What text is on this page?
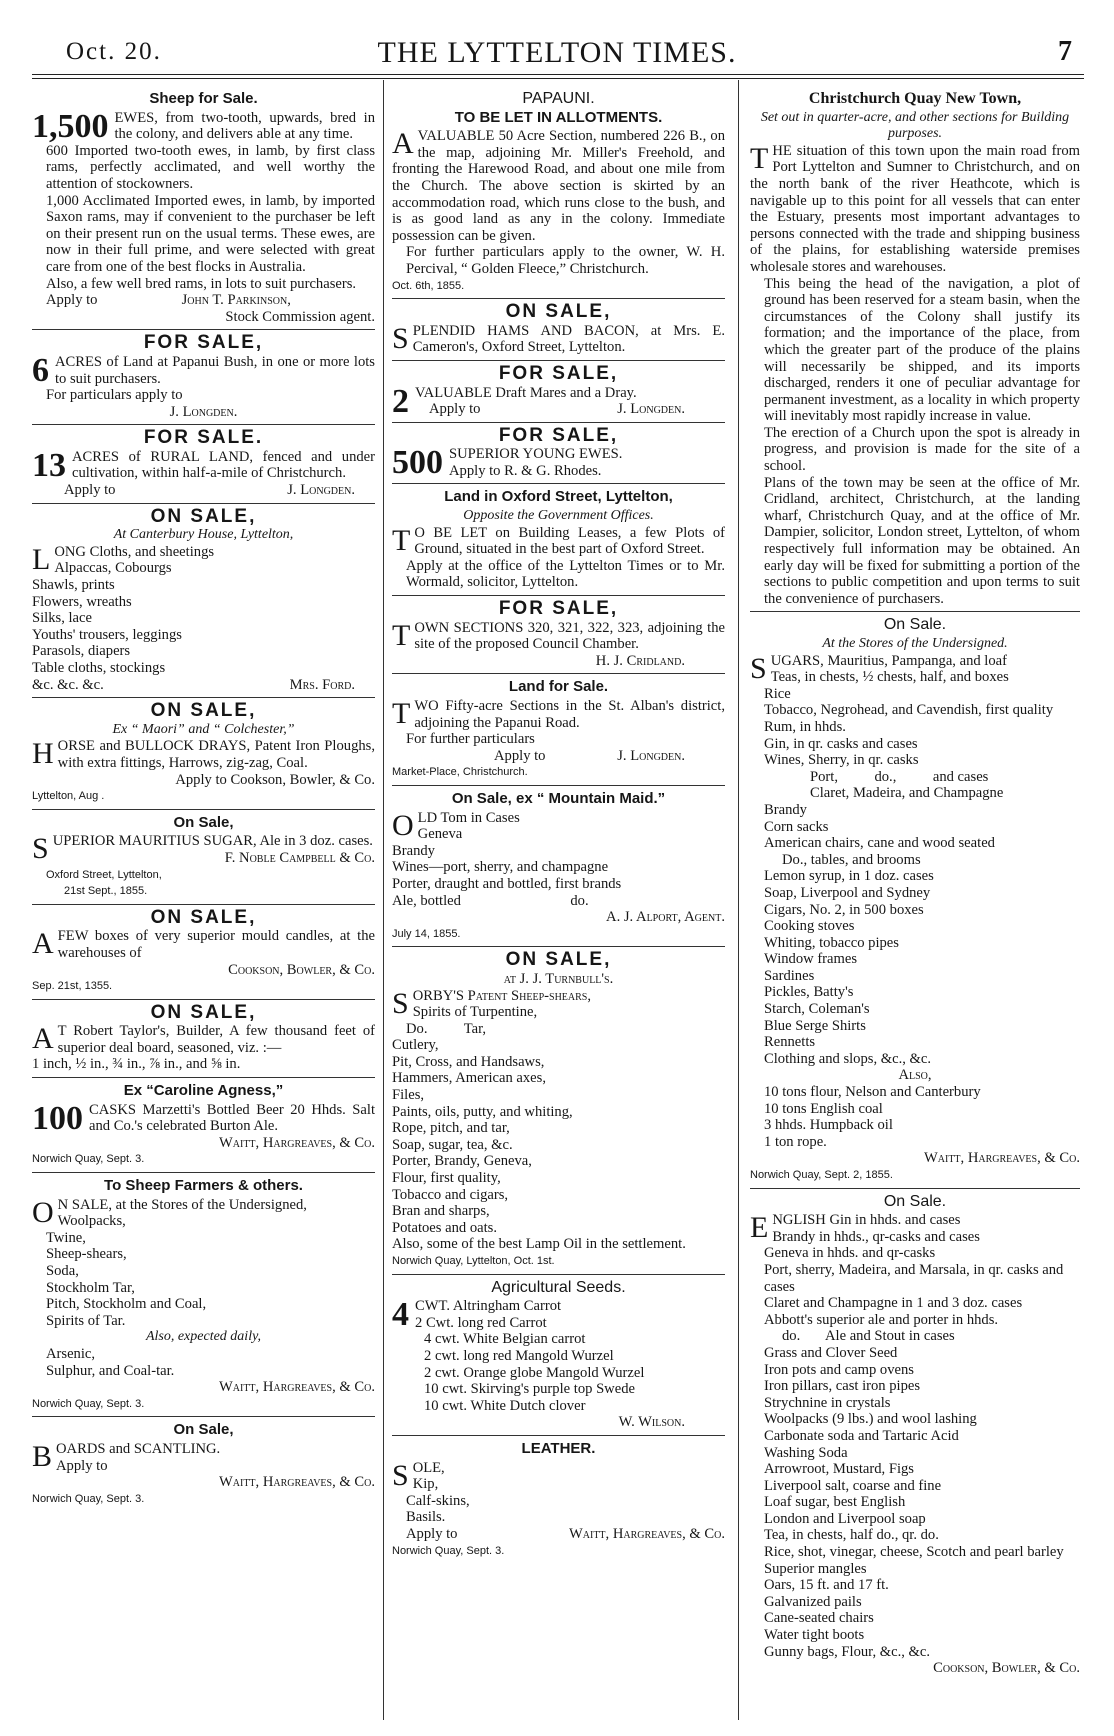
Oct. 20.	THE LYTTELTON TIMES.	7
Sheep for Sale.
1,500 EWES, from two-tooth, upwards, bred in the colony, and delivers able at any time.
600 Imported two-tooth ewes, in lamb, by first class rams, perfectly acclimated, and well worthy the attention of stockowners.
1,000 Acclimated Imported ewes, in lamb, by imported Saxon rams, may if convenient to the purchaser be left on their present run on the usual terms. These ewes, are now in their full prime, and were selected with great care from one of the best flocks in Australia.
Also, a few well bred rams, in lots to suit purchasers.
Apply to	John T. Parkinson,
Stock Commission agent.
FOR SALE,
6 ACRES of Land at Papanui Bush, in one or more lots to suit purchasers.
For particulars apply to
J. Longden.
FOR SALE.
13 ACRES of RURAL LAND, fenced and under cultivation, within half-a-mile of Christchurch.
Apply to	J. Longden.
ON SALE,
At Canterbury House, Lyttelton,
LONG Cloths, and sheetings
Alpaccas, Cobourgs
Shawls, prints
Flowers, wreaths
Silks, lace
Youths' trousers, leggings
Parasols, diapers
Table cloths, stockings
&c. &c. &c.	Mrs. Ford.
ON SALE,
Ex “ Maori” and “ Colchester,”
HORSE and BULLOCK DRAYS, Patent Iron Ploughs, with extra fittings, Harrows, zig-zag, Coal.
Apply to Cookson, Bowler, & Co.
Lyttelton, Aug .
On Sale,
SUPERIOR MAURITIUS SUGAR, Ale in 3 doz. cases.
F. Noble Campbell & Co.
Oxford Street, Lyttelton,
21st Sept., 1855.
ON SALE,
AFEW boxes of very superior mould candles, at the warehouses of
Cookson, Bowler, & Co.
Sep. 21st, 1355.
ON SALE,
A T Robert Taylor's, Builder, A few thousand feet of superior deal board, seasoned, viz. :—
1 inch, ½ in., ¾ in., ⅞ in., and ⅝ in.
Ex “Caroline Agness,”
100 CASKS Marzetti's Bottled Beer 20 Hhds. Salt and Co.'s celebrated Burton Ale.
Waitt, Hargreaves, & Co.
Norwich Quay, Sept. 3.
To Sheep Farmers & others.
O N SALE, at the Stores of the Undersigned,
Woolpacks,
Twine,
Sheep-shears,
Soda,
Stockholm Tar,
Pitch, Stockholm and Coal,
Spirits of Tar.
Also, expected daily,
Arsenic,
Sulphur, and Coal-tar.
Waitt, Hargreaves, & Co.
Norwich Quay, Sept. 3.
On Sale,
BOARDS and SCANTLING.
Apply to
Waitt, Hargreaves, & Co.
Norwich Quay, Sept. 3.
PAPAUNI.
TO BE LET IN ALLOTMENTS.
AVALUABLE 50 Acre Section, numbered 226 B., on the map, adjoining Mr. Miller's Freehold, and fronting the Harewood Road, and about one mile from the Church. The above section is skirted by an accommodation road, which runs close to the bush, and is as good land as any in the colony. Immediate possession can be given.
For further particulars apply to the owner, W. H. Percival, “ Golden Fleece,” Christchurch.
Oct. 6th, 1855.
ON SALE,
SPLENDID HAMS AND BACON, at Mrs. E. Cameron's, Oxford Street, Lyttelton.
FOR SALE,
2 VALUABLE Draft Mares and a Dray.
Apply to	J. Longden.
FOR SALE,
500 SUPERIOR YOUNG EWES.
Apply to R. & G. Rhodes.
Land in Oxford Street, Lyttelton,
Opposite the Government Offices.
T O BE LET on Building Leases, a few Plots of Ground, situated in the best part of Oxford Street.
Apply at the office of the Lyttelton Times or to Mr. Wormald, solicitor, Lyttelton.
FOR SALE,
TOWN SECTIONS 320, 321, 322, 323, adjoining the site of the proposed Council Chamber.
H. J. Cridland.
Land for Sale.
TWO Fifty-acre Sections in the St. Alban's district, adjoining the Papanui Road.
For further particulars
Apply to	J. Longden.
Market-Place, Christchurch.
On Sale, ex “ Mountain Maid.”
OLD Tom in Cases
Geneva
Brandy
Wines—port, sherry, and champagne
Porter, draught and bottled, first brands
Ale, bottled                              do.
A. J. Alport, Agent.
July 14, 1855.
ON SALE,
at J. J. Turnbull's.
SORBY'S Patent Sheep-shears,
Spirits of Turpentine,
Do.          Tar,
Cutlery,
Pit, Cross, and Handsaws,
Hammers, American axes,
Files,
Paints, oils, putty, and whiting,
Rope, pitch, and tar,
Soap, sugar, tea, &c.
Porter, Brandy, Geneva,
Flour, first quality,
Tobacco and cigars,
Bran and sharps,
Potatoes and oats.
Also, some of the best Lamp Oil in the settlement.
Norwich Quay, Lyttelton, Oct. 1st.
Agricultural Seeds.
4 CWT. Altringham Carrot
2 Cwt. long red Carrot
4 cwt. White Belgian carrot
2 cwt. long red Mangold Wurzel
2 cwt. Orange globe Mangold Wurzel
10 cwt. Skirving's purple top Swede
10 cwt. White Dutch clover
W. Wilson.
LEATHER.
SOLE,
Kip,
Calf-skins,
Basils.
Apply to	Waitt, Hargreaves, & Co.
Norwich Quay, Sept. 3.
Christchurch Quay New Town,
Set out in quarter-acre, and other sections for Building purposes.
THE situation of this town upon the main road from Port Lyttelton and Sumner to Christchurch, and on the north bank of the river Heathcote, which is navigable up to this point for all vessels that can enter the Estuary, presents most important advantages to persons connected with the trade and shipping business of the plains, for establishing waterside premises wholesale stores and warehouses.
This being the head of the navigation, a plot of ground has been reserved for a steam basin, when the circumstances of the Colony shall justify its formation; and the importance of the place, from which the greater part of the produce of the plains will necessarily be shipped, and its imports discharged, renders it one of peculiar advantage for permanent investment, as a locality in which property will inevitably most rapidly increase in value.
The erection of a Church upon the spot is already in progress, and provision is made for the site of a school.
Plans of the town may be seen at the office of Mr. Cridland, architect, Christchurch, at the landing wharf, Christchurch Quay, and at the office of Mr. Dampier, solicitor, London street, Lyttelton, of whom respectively full information may be obtained. An early day will be fixed for submitting a portion of the sections to public competition and upon terms to suit the convenience of purchasers.
On Sale.
At the Stores of the Undersigned.
SUGARS, Mauritius, Pampanga, and loaf
Teas, in chests, ½ chests, half, and boxes
Rice
Tobacco, Negrohead, and Cavendish, first quality
Rum, in hhds.
Gin, in qr. casks and cases
Wines, Sherry, in qr. casks
Port,          do.,          and cases
Claret, Madeira, and Champagne
Brandy
Corn sacks
American chairs, cane and wood seated
Do., tables, and brooms
Lemon syrup, in 1 doz. cases
Soap, Liverpool and Sydney
Cigars, No. 2, in 500 boxes
Cooking stoves
Whiting, tobacco pipes
Window frames
Sardines
Pickles, Batty's
Starch, Coleman's
Blue Serge Shirts
Rennetts
Clothing and slops, &c., &c.
Also,
10 tons flour, Nelson and Canterbury
10 tons English coal
3 hhds. Humpback oil
1 ton rope.
Waitt, Hargreaves, & Co.
Norwich Quay, Sept. 2, 1855.
On Sale.
ENGLISH Gin in hhds. and cases
Brandy in hhds., qr-casks and cases
Geneva in hhds. and qr-casks
Port, sherry, Madeira, and Marsala, in qr. casks and cases
Claret and Champagne in 1 and 3 doz. cases
Abbott's superior ale and porter in hhds.
do.       Ale and Stout in cases
Grass and Clover Seed
Iron pots and camp ovens
Iron pillars, cast iron pipes
Strychnine in crystals
Woolpacks (9 lbs.) and wool lashing
Carbonate soda and Tartaric Acid
Washing Soda
Arrowroot, Mustard, Figs
Liverpool salt, coarse and fine
Loaf sugar, best English
London and Liverpool soap
Tea, in chests, half do., qr. do.
Rice, shot, vinegar, cheese, Scotch and pearl barley
Superior mangles
Oars, 15 ft. and 17 ft.
Galvanized pails
Cane-seated chairs
Water tight boots
Gunny bags, Flour, &c., &c.
Cookson, Bowler, & Co.
